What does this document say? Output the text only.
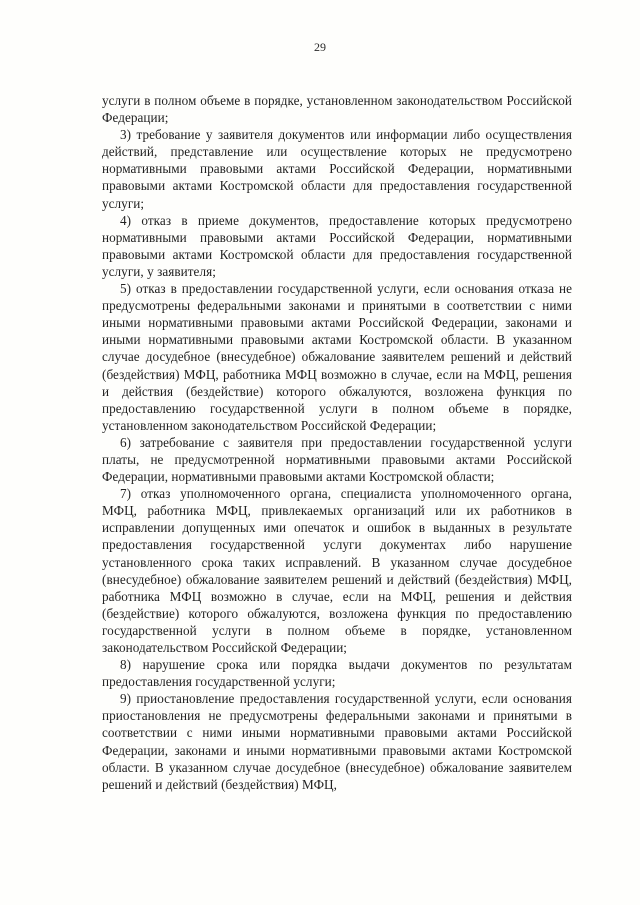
29

услуги в полном объеме в порядке, установленном законодательством Российской Федерации;

3) требование у заявителя документов или информации либо осуществления действий, представление или осуществление которых не предусмотрено нормативными правовыми актами Российской Федерации, нормативными правовыми актами Костромской области для предоставления государственной услуги;

4) отказ в приеме документов, предоставление которых предусмотрено нормативными правовыми актами Российской Федерации, нормативными правовыми актами Костромской области для предоставления государственной услуги, у заявителя;

5) отказ в предоставлении государственной услуги, если основания отказа не предусмотрены федеральными законами и принятыми в соответствии с ними иными нормативными правовыми актами Российской Федерации, законами и иными нормативными правовыми актами Костромской области. В указанном случае досудебное (внесудебное) обжалование заявителем решений и действий (бездействия) МФЦ, работника МФЦ возможно в случае, если на МФЦ, решения и действия (бездействие) которого обжалуются, возложена функция по предоставлению государственной услуги в полном объеме в порядке, установленном законодательством Российской Федерации;

6) затребование с заявителя при предоставлении государственной услуги платы, не предусмотренной нормативными правовыми актами Российской Федерации, нормативными правовыми актами Костромской области;

7) отказ уполномоченного органа, специалиста уполномоченного органа, МФЦ, работника МФЦ, привлекаемых организаций или их работников в исправлении допущенных ими опечаток и ошибок в выданных в результате предоставления государственной услуги документах либо нарушение установленного срока таких исправлений. В указанном случае досудебное (внесудебное) обжалование заявителем решений и действий (бездействия) МФЦ, работника МФЦ возможно в случае, если на МФЦ, решения и действия (бездействие) которого обжалуются, возложена функция по предоставлению государственной услуги в полном объеме в порядке, установленном законодательством Российской Федерации;

8) нарушение срока или порядка выдачи документов по результатам предоставления государственной услуги;

9) приостановление предоставления государственной услуги, если основания приостановления не предусмотрены федеральными законами и принятыми в соответствии с ними иными нормативными правовыми актами Российской Федерации, законами и иными нормативными правовыми актами Костромской области. В указанном случае досудебное (внесудебное) обжалование заявителем решений и действий (бездействия) МФЦ,
